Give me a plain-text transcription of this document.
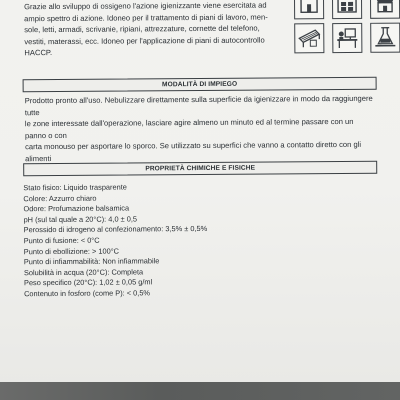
Grazie allo sviluppo di ossigeno l'azione igienizzante viene esercitata ad

ampio spettro di azione. Idoneo per il trattamento di piani di lavoro, men-

sole, letti, armadi, scrivanie, ripiani, attrezzature, cornette del telefono,

vestiti, materassi, ecc. Idoneo per l'applicazione di piani di autocontrollo

HACCP.

MODALITÀ DI IMPIEGO

Prodotto pronto all'uso. Nebulizzare direttamente sulla superficie da igienizzare in modo da raggiungere tutte

le zone interessate dall'operazione, lasciare agire almeno un minuto ed al termine passare con un panno o con

carta monouso per asportare lo sporco. Se utilizzato su superfici che vanno a contatto diretto con gli alimenti

PROPRIETÀ CHIMICHE E FISICHE
Stato fisico: Liquido trasparente
Colore: Azzurro chiaro
Odore: Profumazione balsamica
pH (sul tal quale a 20°C): 4,0 ± 0,5
Perossido di idrogeno al confezionamento: 3,5% ± 0,5%
Punto di fusione: < 0°C
Punto di ebollizione: > 100°C
Punto di infiammabilità: Non infiammabile
Solubilità in acqua (20°C): Completa
Peso specifico (20°C): 1,02 ± 0,05 g/ml
Contenuto in fosforo (come P): < 0,5%
